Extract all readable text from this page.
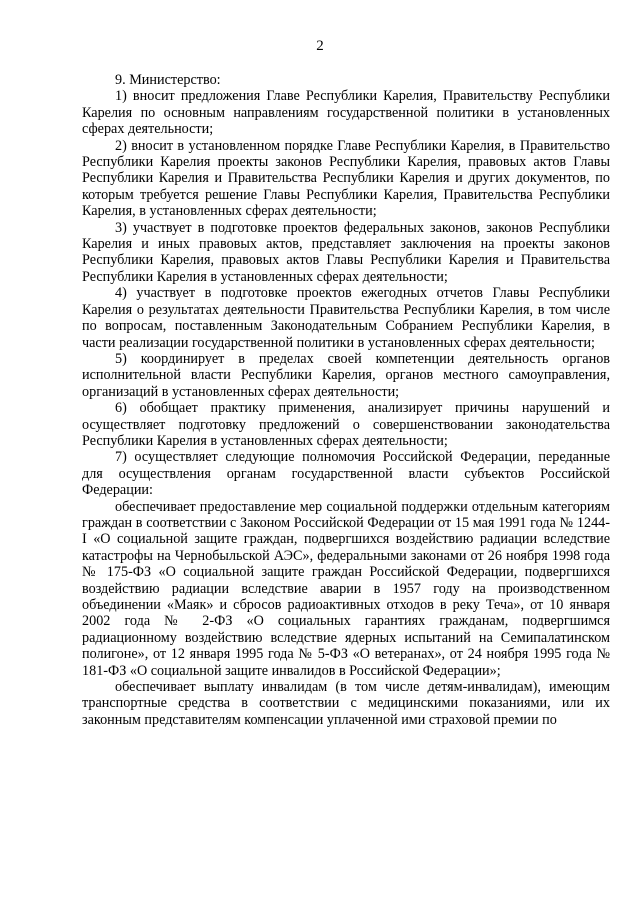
2

9. Министерство:

1) вносит предложения Главе Республики Карелия, Правительству Республики Карелия по основным направлениям государственной политики в установленных сферах деятельности;

2) вносит в установленном порядке Главе Республики Карелия, в Правительство Республики Карелия проекты законов Республики Карелия, правовых актов Главы Республики Карелия и Правительства Республики Карелия и других документов, по которым требуется решение Главы Республики Карелия, Правительства Республики Карелия, в установленных сферах деятельности;

3) участвует в подготовке проектов федеральных законов, законов Республики Карелия и иных правовых актов, представляет заключения на проекты законов Республики Карелия, правовых актов Главы Республики Карелия и Правительства Республики Карелия в установленных сферах деятельности;

4) участвует в подготовке проектов ежегодных отчетов Главы Республики Карелия о результатах деятельности Правительства Республики Карелия, в том числе по вопросам, поставленным Законодательным Собранием Республики Карелия, в части реализации государственной политики в установленных сферах деятельности;

5) координирует в пределах своей компетенции деятельность органов исполнительной власти Республики Карелия, органов местного самоуправления, организаций в установленных сферах деятельности;

6) обобщает практику применения, анализирует причины нарушений и осуществляет подготовку предложений о совершенствовании законодательства Республики Карелия в установленных сферах деятельности;

7) осуществляет следующие полномочия Российской Федерации, переданные для осуществления органам государственной власти субъектов Российской Федерации:

обеспечивает предоставление мер социальной поддержки отдельным категориям граждан в соответствии с Законом Российской Федерации от 15 мая 1991 года № 1244-I «О социальной защите граждан, подвергшихся воздействию радиации вследствие катастрофы на Чернобыльской АЭС», федеральными законами от 26 ноября 1998 года № 175-ФЗ «О социальной защите граждан Российской Федерации, подвергшихся воздействию радиации вследствие аварии в 1957 году на производственном объединении «Маяк» и сбросов радиоактивных отходов в реку Теча», от 10 января 2002 года № 2-ФЗ «О социальных гарантиях гражданам, подвергшимся радиационному воздействию вследствие ядерных испытаний на Семипалатинском полигоне», от 12 января 1995 года № 5-ФЗ «О ветеранах», от 24 ноября 1995 года № 181-ФЗ «О социальной защите инвалидов в Российской Федерации»;

обеспечивает выплату инвалидам (в том числе детям-инвалидам), имеющим транспортные средства в соответствии с медицинскими показаниями, или их законным представителям компенсации уплаченной ими страховой премии по
